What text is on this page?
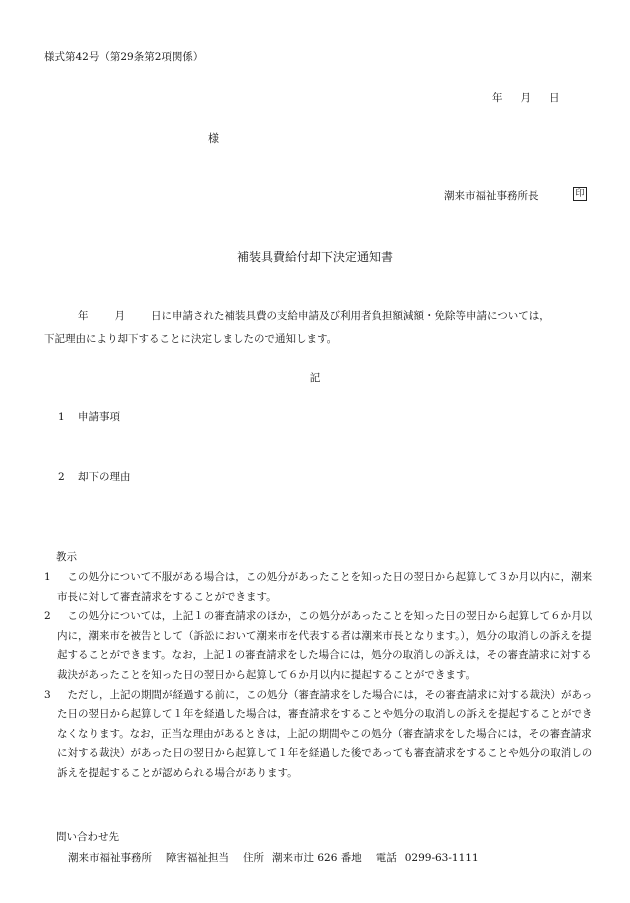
様式第42号（第29条第2項関係）
年 月 日
様
潮来市福祉事務所長	印
補装具費給付却下決定通知書
年 月 日に申請された補装具費の支給申請及び利用者負担額減額・免除等申請については，
下記理由により却下することに決定しましたので通知します。
記
1 申請事項
2 却下の理由
教示

1　 この処分について不服がある場合は，この処分があったことを知った日の翌日から起算して３か月以内に，潮来市長に対して審査請求をすることができます。

2　 この処分については，上記１の審査請求のほか，この処分があったことを知った日の翌日から起算して６か月以内に，潮来市を被告として（訴訟において潮来市を代表する者は潮来市長となります。），処分の取消しの訴えを提起することができます。なお，上記１の審査請求をした場合には，処分の取消しの訴えは，その審査請求に対する裁決があったことを知った日の翌日から起算して６か月以内に提起することができます。

3　 ただし，上記の期間が経過する前に，この処分（審査請求をした場合には，その審査請求に対する裁決）があった日の翌日から起算して１年を経過した場合は，審査請求をすることや処分の取消しの訴えを提起することができなくなります。なお，正当な理由があるときは，上記の期間やこの処分（審査請求をした場合には，その審査請求に対する裁決）があった日の翌日から起算して１年を経過した後であっても審査請求をすることや処分の取消しの訴えを提起することが認められる場合があります。

問い合わせ先
潮来市福祉事務所 障害福祉担当 住所 潮来市辻 626 番地 電話 0299-63-1111
